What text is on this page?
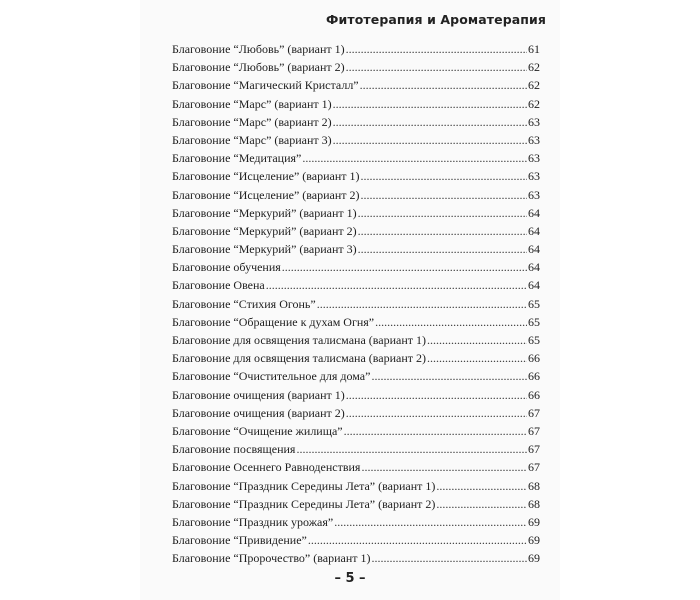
Фитотерапия и Ароматерапия
Благовоние “Любовь” (вариант 1) .....	61
Благовоние “Любовь” (вариант 2) .....	62
Благовоние “Магический Кристалл” .....	62
Благовоние “Марс” (вариант 1) .....	62
Благовоние “Марс” (вариант 2) .....	63
Благовоние “Марс” (вариант 3) .....	63
Благовоние “Медитация” .....	63
Благовоние “Исцеление” (вариант 1) .....	63
Благовоние “Исцеление” (вариант 2) .....	63
Благовоние “Меркурий” (вариант 1) .....	64
Благовоние “Меркурий” (вариант 2) .....	64
Благовоние “Меркурий” (вариант 3) .....	64
Благовоние обучения .....	64
Благовоние Овена .....	64
Благовоние “Стихия Огонь” .....	65
Благовоние “Обращение к духам Огня” .....	65
Благовоние для освящения талисмана (вариант 1) .....	65
Благовоние для освящения талисмана (вариант 2) .....	66
Благовоние “Очистительное для дома” .....	66
Благовоние очищения (вариант 1) .....	66
Благовоние очищения (вариант 2) .....	67
Благовоние “Очищение жилища” .....	67
Благовоние посвящения .....	67
Благовоние Осеннего Равноденствия .....	67
Благовоние “Праздник Середины Лета” (вариант 1) .....	68
Благовоние “Праздник Середины Лета” (вариант 2) .....	68
Благовоние “Праздник урожая” .....	69
Благовоние “Привидение” .....	69
Благовоние “Пророчество” (вариант 1) .....	69
– 5 –
